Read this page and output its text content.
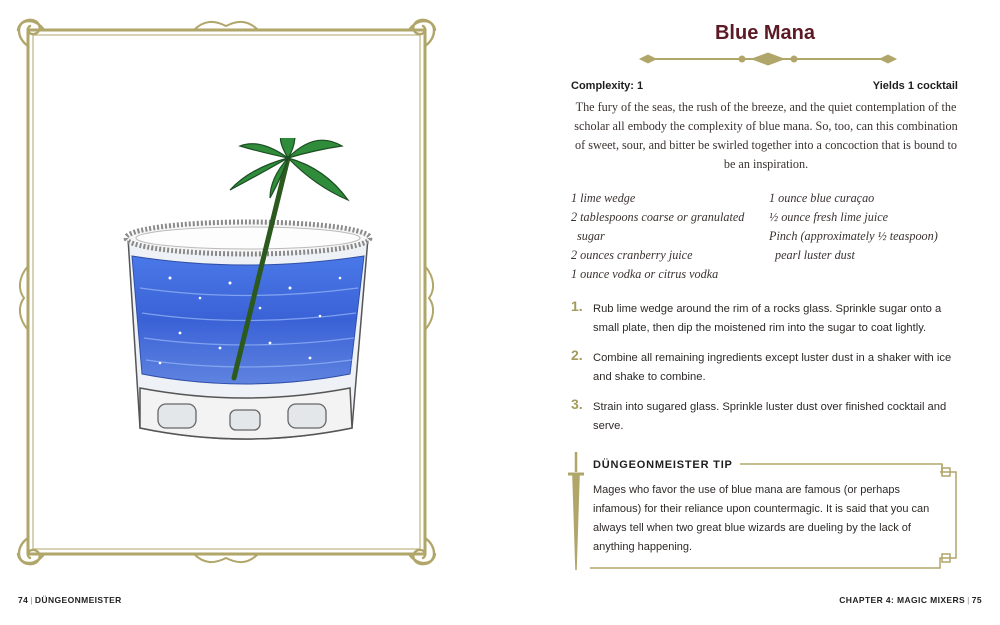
74 | DÜNGEONMEISTER
Blue Mana
Complexity: 1	Yields 1 cocktail
The fury of the seas, the rush of the breeze, and the quiet contemplation of the scholar all embody the complexity of blue mana. So, too, can this combination of sweet, sour, and bitter be swirled together into a concoction that is bound to be an inspiration.
1 lime wedge
2 tablespoons coarse or granulated
sugar
2 ounces cranberry juice
1 ounce vodka or citrus vodka
1 ounce blue curaçao
½ ounce fresh lime juice
Pinch (approximately ½ teaspoon)
pearl luster dust
1. Rub lime wedge around the rim of a rocks glass. Sprinkle sugar onto a small plate, then dip the moistened rim into the sugar to coat lightly.
2. Combine all remaining ingredients except luster dust in a shaker with ice and shake to combine.
3. Strain into sugared glass. Sprinkle luster dust over finished cocktail and serve.
DÜNGEONMEISTER TIP
Mages who favor the use of blue mana are famous (or perhaps infamous) for their reliance upon countermagic. It is said that you can always tell when two great blue wizards are dueling by the lack of anything happening.
CHAPTER 4: MAGIC MIXERS | 75
